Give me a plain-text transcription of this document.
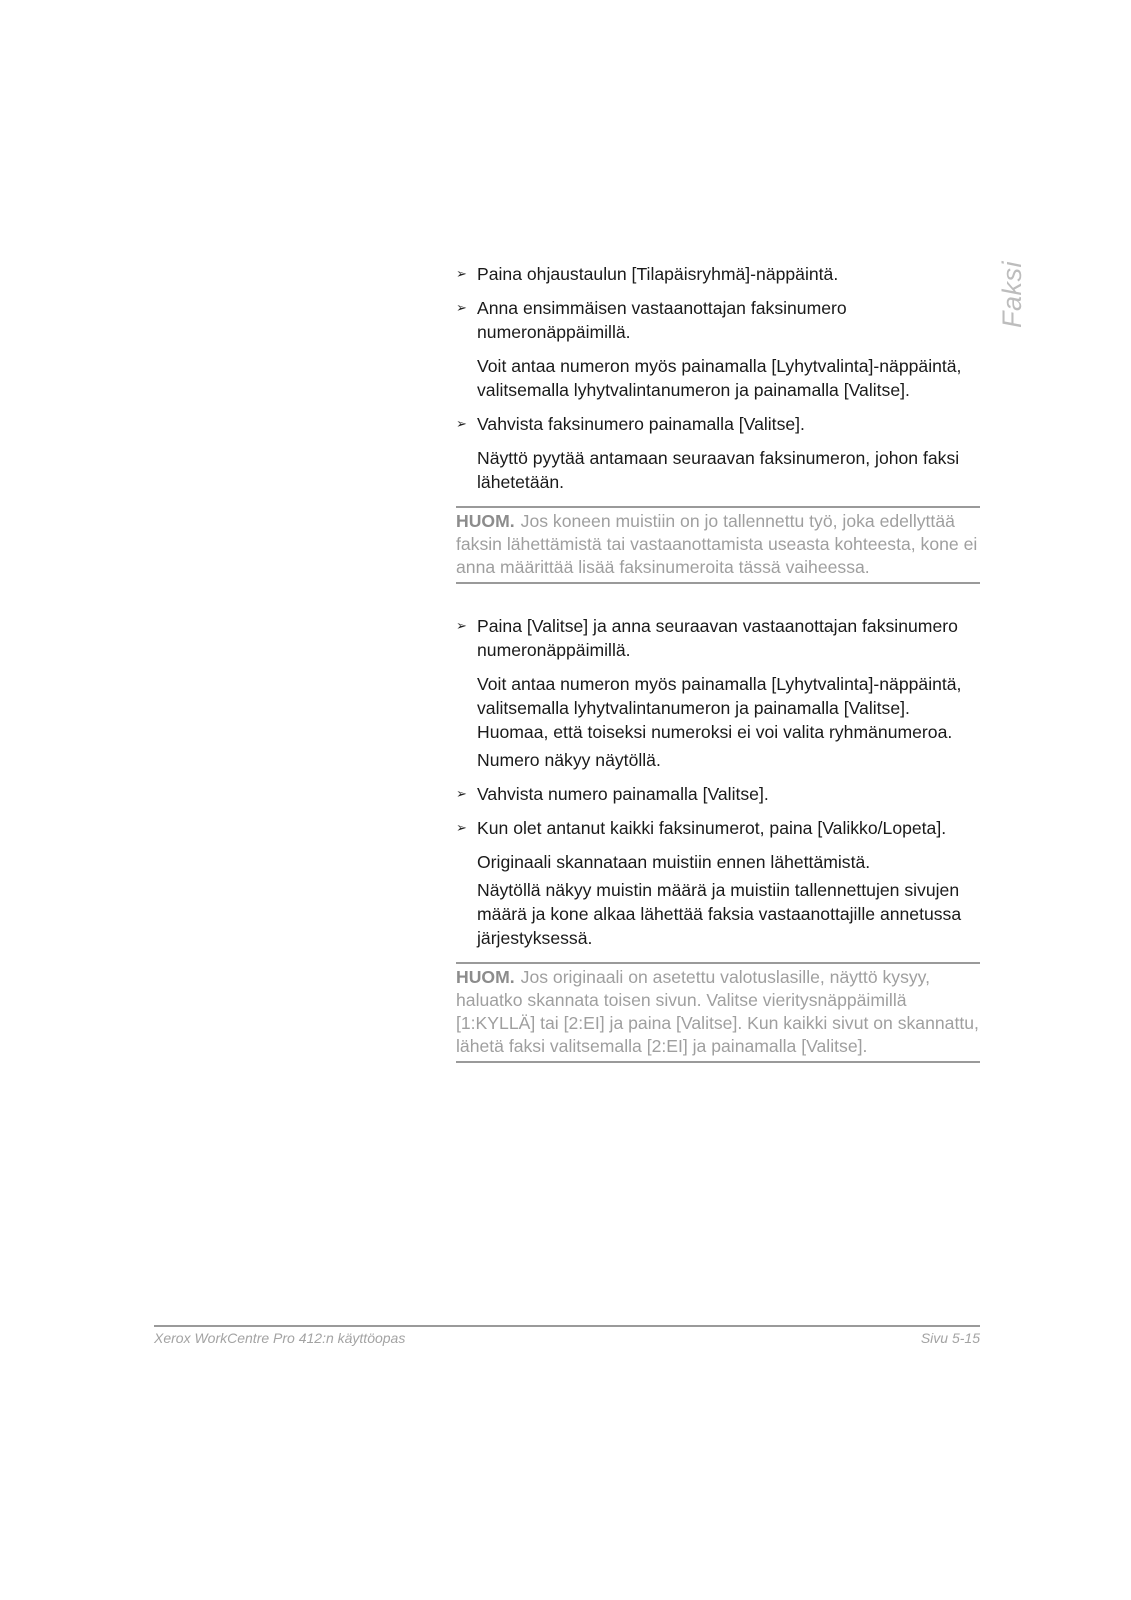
Faksi
➢ Paina ohjaustaulun [Tilapäisryhmä]-näppäintä.
➢ Anna ensimmäisen vastaanottajan faksinumero numeronäppäimillä.
Voit antaa numeron myös painamalla [Lyhytvalinta]-näppäintä, valitsemalla lyhytvalintanumeron ja painamalla [Valitse].
➢ Vahvista faksinumero painamalla [Valitse].
Näyttö pyytää antamaan seuraavan faksinumeron, johon faksi lähetetään.
HUOM. Jos koneen muistiin on jo tallennettu työ, joka edellyttää faksin lähettämistä tai vastaanottamista useasta kohteesta, kone ei anna määrittää lisää faksinumeroita tässä vaiheessa.
➢ Paina [Valitse] ja anna seuraavan vastaanottajan faksinumero numeronäppäimillä.
Voit antaa numeron myös painamalla [Lyhytvalinta]-näppäintä, valitsemalla lyhytvalintanumeron ja painamalla [Valitse]. Huomaa, että toiseksi numeroksi ei voi valita ryhmänumeroa.
Numero näkyy näytöllä.
➢ Vahvista numero painamalla [Valitse].
➢ Kun olet antanut kaikki faksinumerot, paina [Valikko/Lopeta].
Originaali skannataan muistiin ennen lähettämistä.
Näytöllä näkyy muistin määrä ja muistiin tallennettujen sivujen määrä ja kone alkaa lähettää faksia vastaanottajille annetussa järjestyksessä.
HUOM. Jos originaali on asetettu valotuslasille, näyttö kysyy, haluatko skannata toisen sivun. Valitse vieritysnäppäimillä [1:KYLLÄ] tai [2:EI] ja paina [Valitse]. Kun kaikki sivut on skannattu, lähetä faksi valitsemalla [2:EI] ja painamalla [Valitse].
Xerox WorkCentre Pro 412:n käyttöopas	Sivu 5-15
